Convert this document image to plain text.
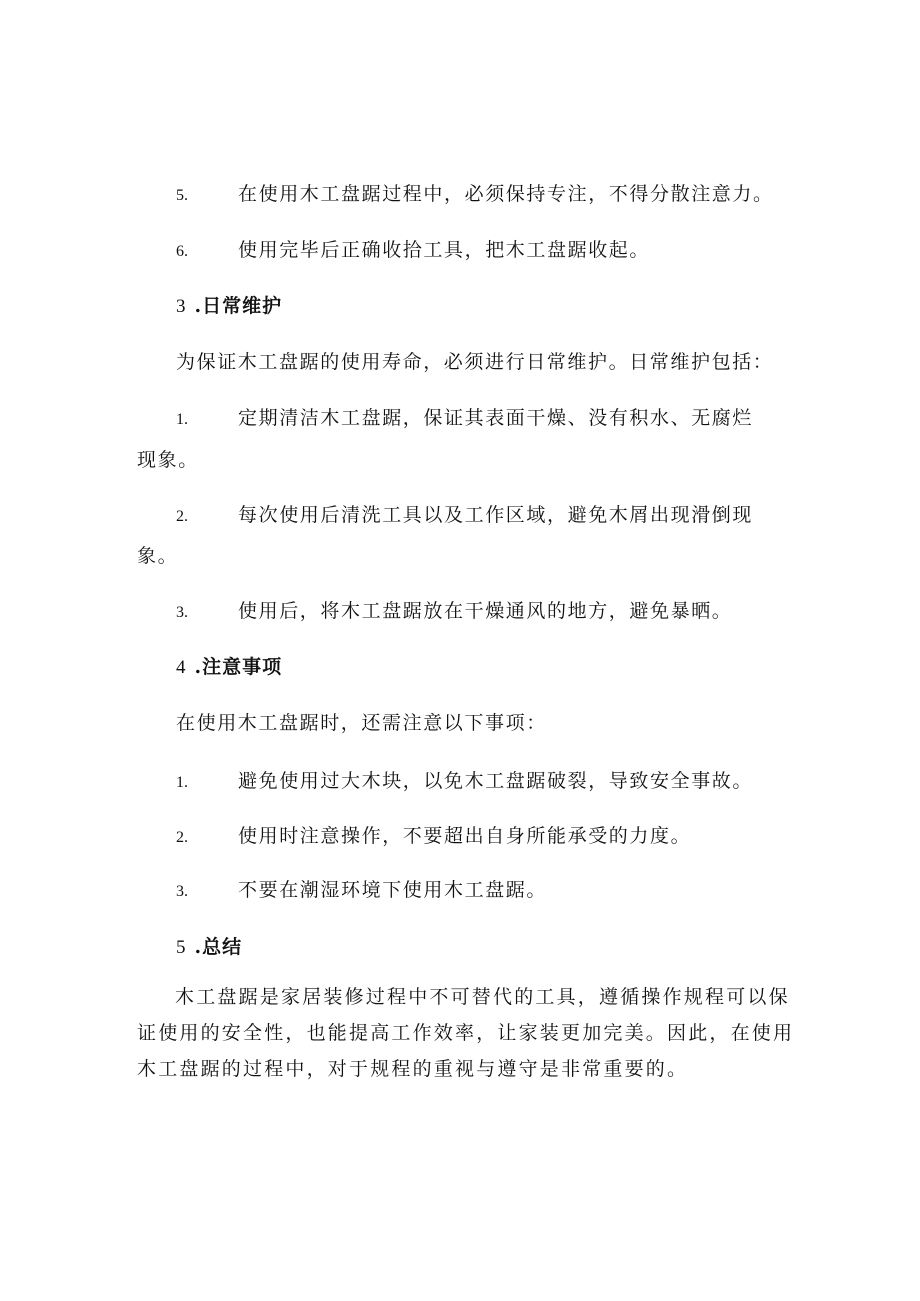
5.	在使用木工盘踞过程中，必须保持专注，不得分散注意力。
6.	使用完毕后正确收拾工具，把木工盘踞收起。
3 .日常维护
为保证木工盘踞的使用寿命，必须进行日常维护。日常维护包括：
1.	定期清洁木工盘踞，保证其表面干燥、没有积水、无腐烂
现象。
2.	每次使用后清洗工具以及工作区域，避免木屑出现滑倒现
象。
3.	使用后，将木工盘踞放在干燥通风的地方，避免暴晒。
4 .注意事项
在使用木工盘踞时，还需注意以下事项：
1.	避免使用过大木块，以免木工盘踞破裂，导致安全事故。
2.	使用时注意操作，不要超出自身所能承受的力度。
3.	不要在潮湿环境下使用木工盘踞。
5 .总结

木工盘踞是家居装修过程中不可替代的工具，遵循操作规程可以保证使用的安全性，也能提高工作效率，让家装更加完美。因此，在使用木工盘踞的过程中，对于规程的重视与遵守是非常重要的。
